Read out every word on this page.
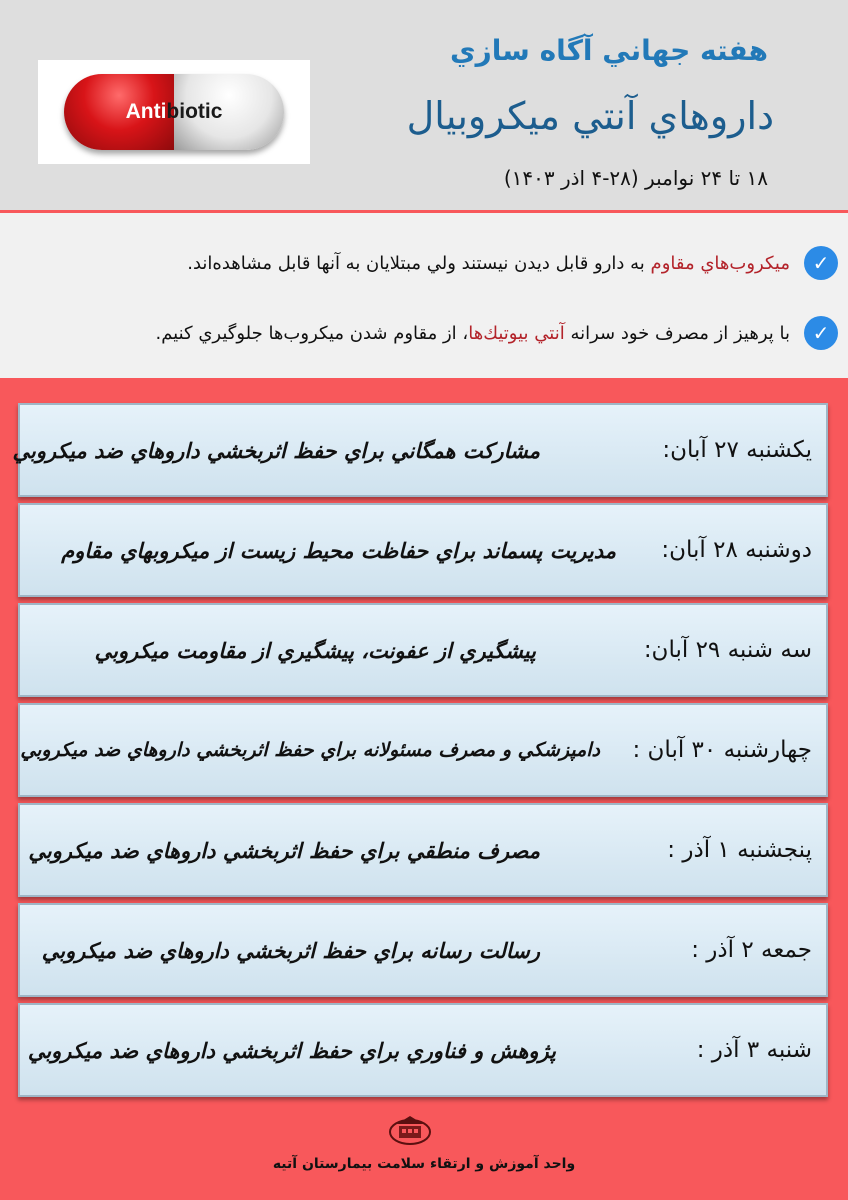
Anti biotic
هفته جهاني آگاه سازي
داروهاي آنتي ميكروبيال
۱۸ تا ۲۴ نوامبر (۲۸-۴ اذر ۱۴۰۳)
✓
ميكروب‌هاي مقاوم به دارو قابل ديدن نيستند ولي مبتلايان به آنها قابل مشاهده‌اند.
✓
با پرهيز از مصرف خود سرانه آنتي بيوتيك‌ها، از مقاوم شدن ميكروب‌ها جلوگيري كنيم.
يكشنبه ۲۷ آبان:
مشاركت همگاني براي حفظ اثربخشي داروهاي ضد ميكروبي
دوشنبه ۲۸ آبان:
مديريت پسماند براي حفاظت محيط زيست از ميكروبهاي مقاوم
سه شنبه ۲۹ آبان:
پيشگيري از عفونت، پيشگيري از مقاومت ميكروبي
چهارشنبه ۳۰ آبان :
دامپزشكي و مصرف مسئولانه براي حفظ اثربخشي داروهاي ضد ميكروبي
پنجشنبه ۱ آذر :
مصرف منطقي براي حفظ اثربخشي داروهاي ضد ميكروبي
جمعه ۲ آذر :
رسالت رسانه براي حفظ اثربخشي داروهاي ضد ميكروبي
شنبه ۳ آذر :
پژوهش و فناوري براي حفظ اثربخشي داروهاي ضد ميكروبي
واحد آموزش و ارتقاء سلامت بيمارستان آتيه
